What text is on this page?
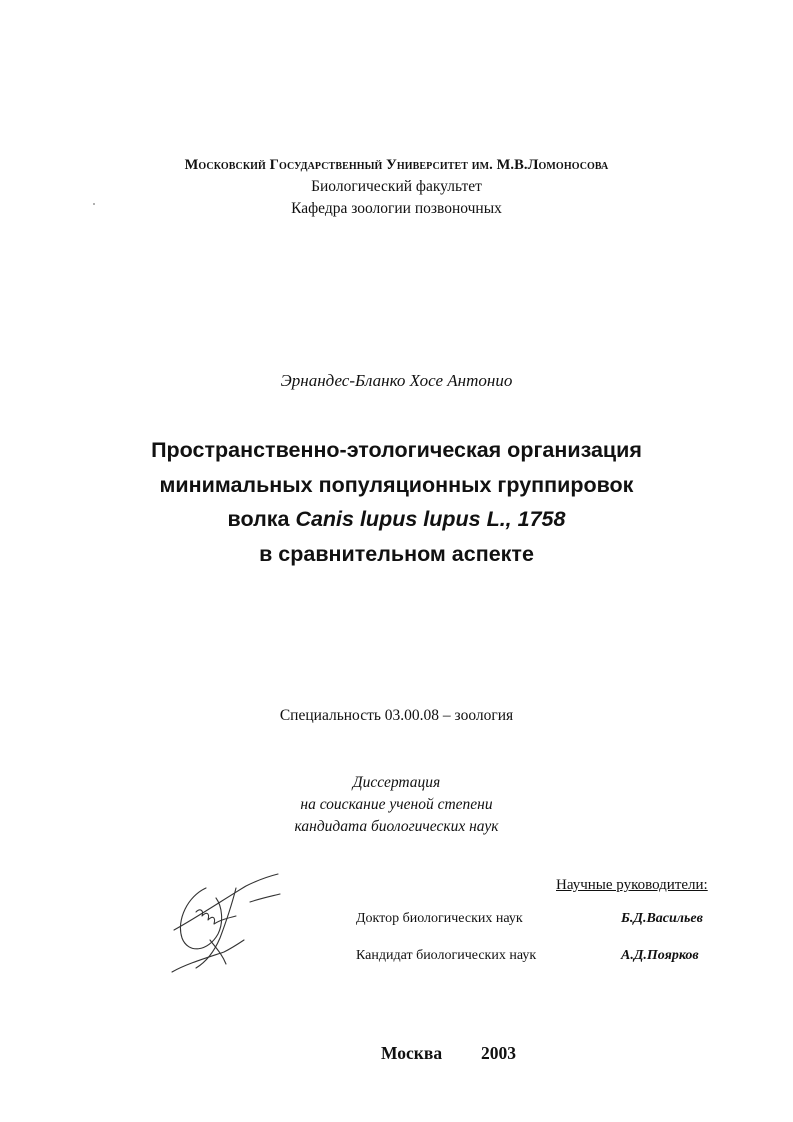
Московский Государственный Университет им. М.В.Ломоносова
Биологический факультет
Кафедра зоологии позвоночных
Эрнандес-Бланко Хосе Антонио
Пространственно-этологическая организация
минимальных популяционных группировок
волка Canis lupus lupus L., 1758
в сравнительном аспекте
Специальность 03.00.08 – зоология
Диссертация
на соискание ученой степени
кандидата биологических наук
Научные руководители:
Доктор биологических наук	Б.Д.Васильев
Кандидат биологических наук	А.Д.Поярков
Москва 2003
